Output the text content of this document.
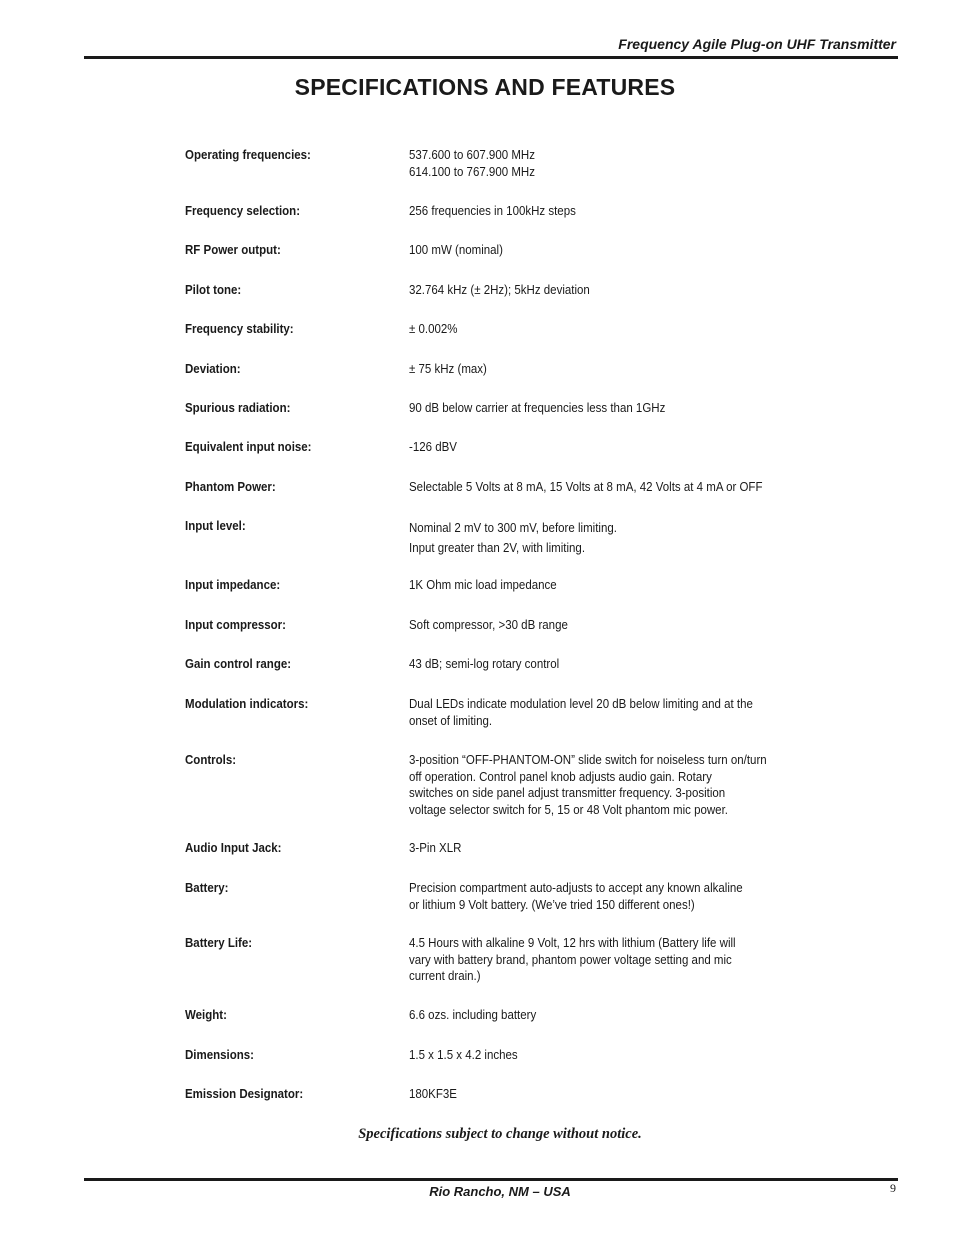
Frequency Agile Plug-on UHF Transmitter
SPECIFICATIONS AND FEATURES
Operating frequencies:	537.600 to 607.900 MHz
614.100 to 767.900 MHz
Frequency selection:	256 frequencies in 100kHz steps
RF Power output:	100 mW (nominal)
Pilot tone:	32.764 kHz (± 2Hz); 5kHz deviation
Frequency stability:	± 0.002%
Deviation:	± 75 kHz (max)
Spurious radiation:	90 dB below carrier at frequencies less than 1GHz
Equivalent input noise:	-126 dBV
Phantom Power:	Selectable 5 Volts at 8 mA, 15 Volts at 8 mA, 42 Volts at 4 mA or OFF
Input level:	Nominal 2 mV to 300 mV, before limiting.
Input greater than 2V, with limiting.
Input impedance:	1K Ohm mic load impedance
Input compressor:	Soft compressor, >30 dB range
Gain control range:	43 dB; semi-log rotary control
Modulation indicators:	Dual LEDs indicate modulation level 20 dB below limiting and at the
onset of limiting.
Controls:	3-position “OFF-PHANTOM-ON” slide switch for noiseless turn on/turn
off operation. Control panel knob adjusts audio gain. Rotary
switches on side panel adjust transmitter frequency. 3-position
voltage selector switch for 5, 15 or 48 Volt phantom mic power.
Audio Input Jack:	3-Pin XLR
Battery:	Precision compartment auto-adjusts to accept any known alkaline
or lithium 9 Volt battery. (We’ve tried 150 different ones!)
Battery Life:	4.5 Hours with alkaline 9 Volt, 12 hrs with lithium (Battery life will
vary with battery brand, phantom power voltage setting and mic
current drain.)
Weight:	6.6 ozs. including battery
Dimensions:	1.5 x 1.5 x 4.2 inches
Emission Designator:	180KF3E
Specifications subject to change without notice.
Rio Rancho, NM – USA	9
